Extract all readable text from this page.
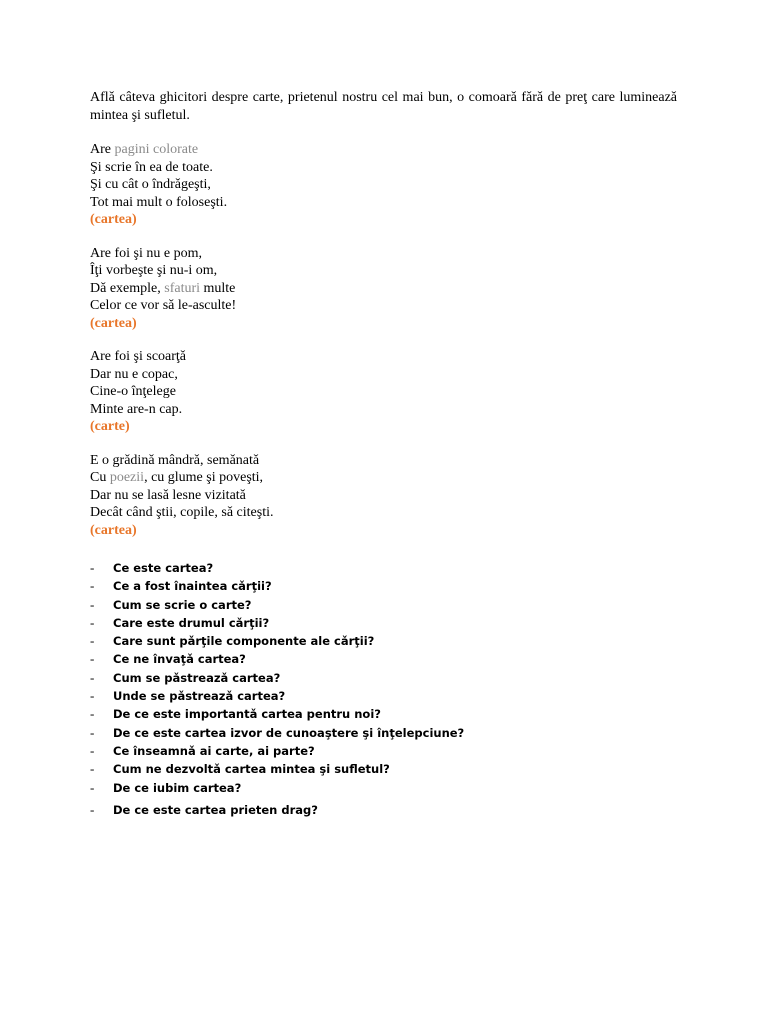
Aflǎ câteva ghicitori despre carte, prietenul nostru cel mai bun, o comoarǎ fǎrǎ de preţ care lumineazǎ mintea şi sufletul.

Are pagini colorate
Şi scrie în ea de toate.
Şi cu cât o îndrǎgeşti,
Tot mai mult o foloseşti.
(cartea)
Are foi şi nu e pom,
Îţi vorbeşte şi nu-i om,
Dǎ exemple, sfaturi multe
Celor ce vor sǎ le-asculte!
(cartea)
Are foi şi scoarţǎ
Dar nu e copac,
Cine-o înţelege
Minte are-n cap.
(carte)
E o grǎdinǎ mândrǎ, semǎnatǎ
Cu poezii, cu glume şi poveşti,
Dar nu se lasǎ lesne vizitatǎ
Decât când ştii, copile, sǎ citeşti.
(cartea)
- Ce este cartea?
- Ce a fost înaintea cǎrţii?
- Cum se scrie o carte?
- Care este drumul cǎrţii?
- Care sunt pǎrţile componente ale cǎrţii?
- Ce ne învaţǎ cartea?
- Cum se pǎstreazǎ cartea?
- Unde se pǎstreazǎ cartea?
- De ce este importantǎ cartea pentru noi?
- De ce este cartea izvor de cunoaştere şi înţelepciune?
- Ce înseamnǎ ai carte, ai parte?
- Cum ne dezvoltǎ cartea mintea şi sufletul?
- De ce iubim cartea?
- De ce este cartea prieten drag?
